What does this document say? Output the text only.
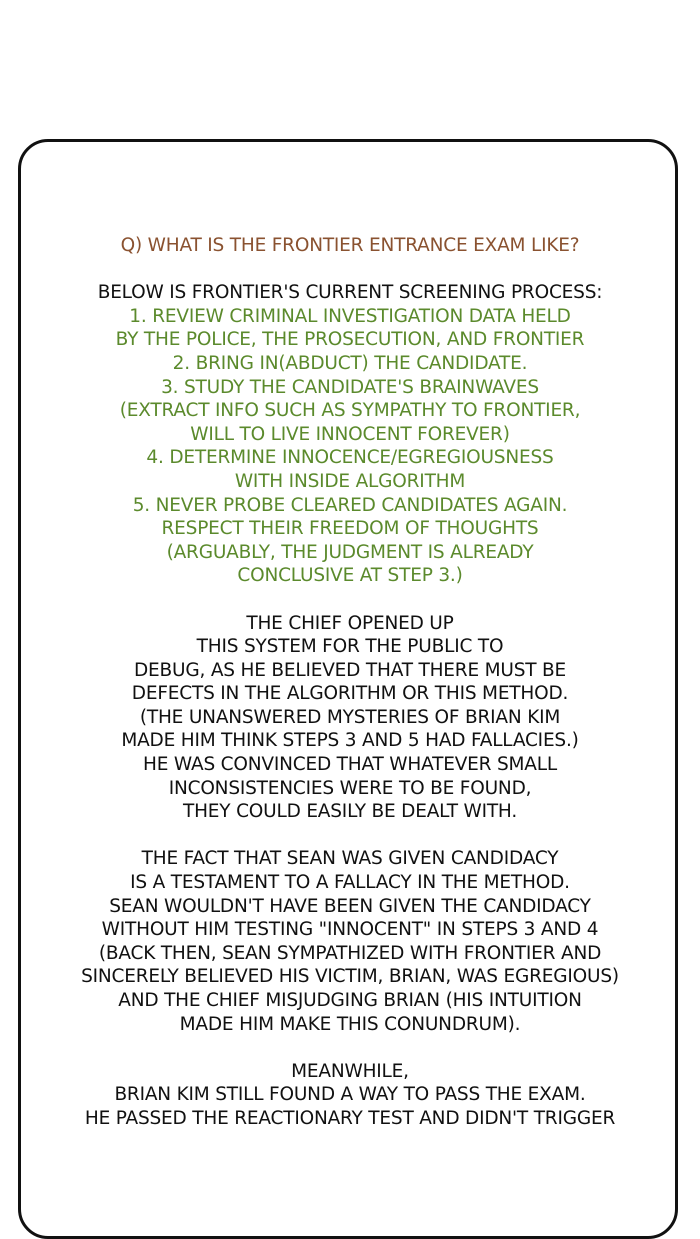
Q) WHAT IS THE FRONTIER ENTRANCE EXAM LIKE?

BELOW IS FRONTIER'S CURRENT SCREENING PROCESS:

1. REVIEW CRIMINAL INVESTIGATION DATA HELD

BY THE POLICE, THE PROSECUTION, AND FRONTIER

2. BRING IN(ABDUCT) THE CANDIDATE.

3. STUDY THE CANDIDATE'S BRAINWAVES

(EXTRACT INFO SUCH AS SYMPATHY TO FRONTIER,

WILL TO LIVE INNOCENT FOREVER)

4. DETERMINE INNOCENCE/EGREGIOUSNESS

WITH INSIDE ALGORITHM

5. NEVER PROBE CLEARED CANDIDATES AGAIN.

RESPECT THEIR FREEDOM OF THOUGHTS

(ARGUABLY, THE JUDGMENT IS ALREADY

CONCLUSIVE AT STEP 3.)

THE CHIEF OPENED UP

THIS SYSTEM FOR THE PUBLIC TO

DEBUG, AS HE BELIEVED THAT THERE MUST BE

DEFECTS IN THE ALGORITHM OR THIS METHOD.

(THE UNANSWERED MYSTERIES OF BRIAN KIM

MADE HIM THINK STEPS 3 AND 5 HAD FALLACIES.)

HE WAS CONVINCED THAT WHATEVER SMALL

INCONSISTENCIES WERE TO BE FOUND,

THEY COULD EASILY BE DEALT WITH.

THE FACT THAT SEAN WAS GIVEN CANDIDACY

IS A TESTAMENT TO A FALLACY IN THE METHOD.

SEAN WOULDN'T HAVE BEEN GIVEN THE CANDIDACY

WITHOUT HIM TESTING "INNOCENT" IN STEPS 3 AND 4

(BACK THEN, SEAN SYMPATHIZED WITH FRONTIER AND

SINCERELY BELIEVED HIS VICTIM, BRIAN, WAS EGREGIOUS)

AND THE CHIEF MISJUDGING BRIAN (HIS INTUITION

MADE HIM MAKE THIS CONUNDRUM).

MEANWHILE,

BRIAN KIM STILL FOUND A WAY TO PASS THE EXAM.

HE PASSED THE REACTIONARY TEST AND DIDN'T TRIGGER
